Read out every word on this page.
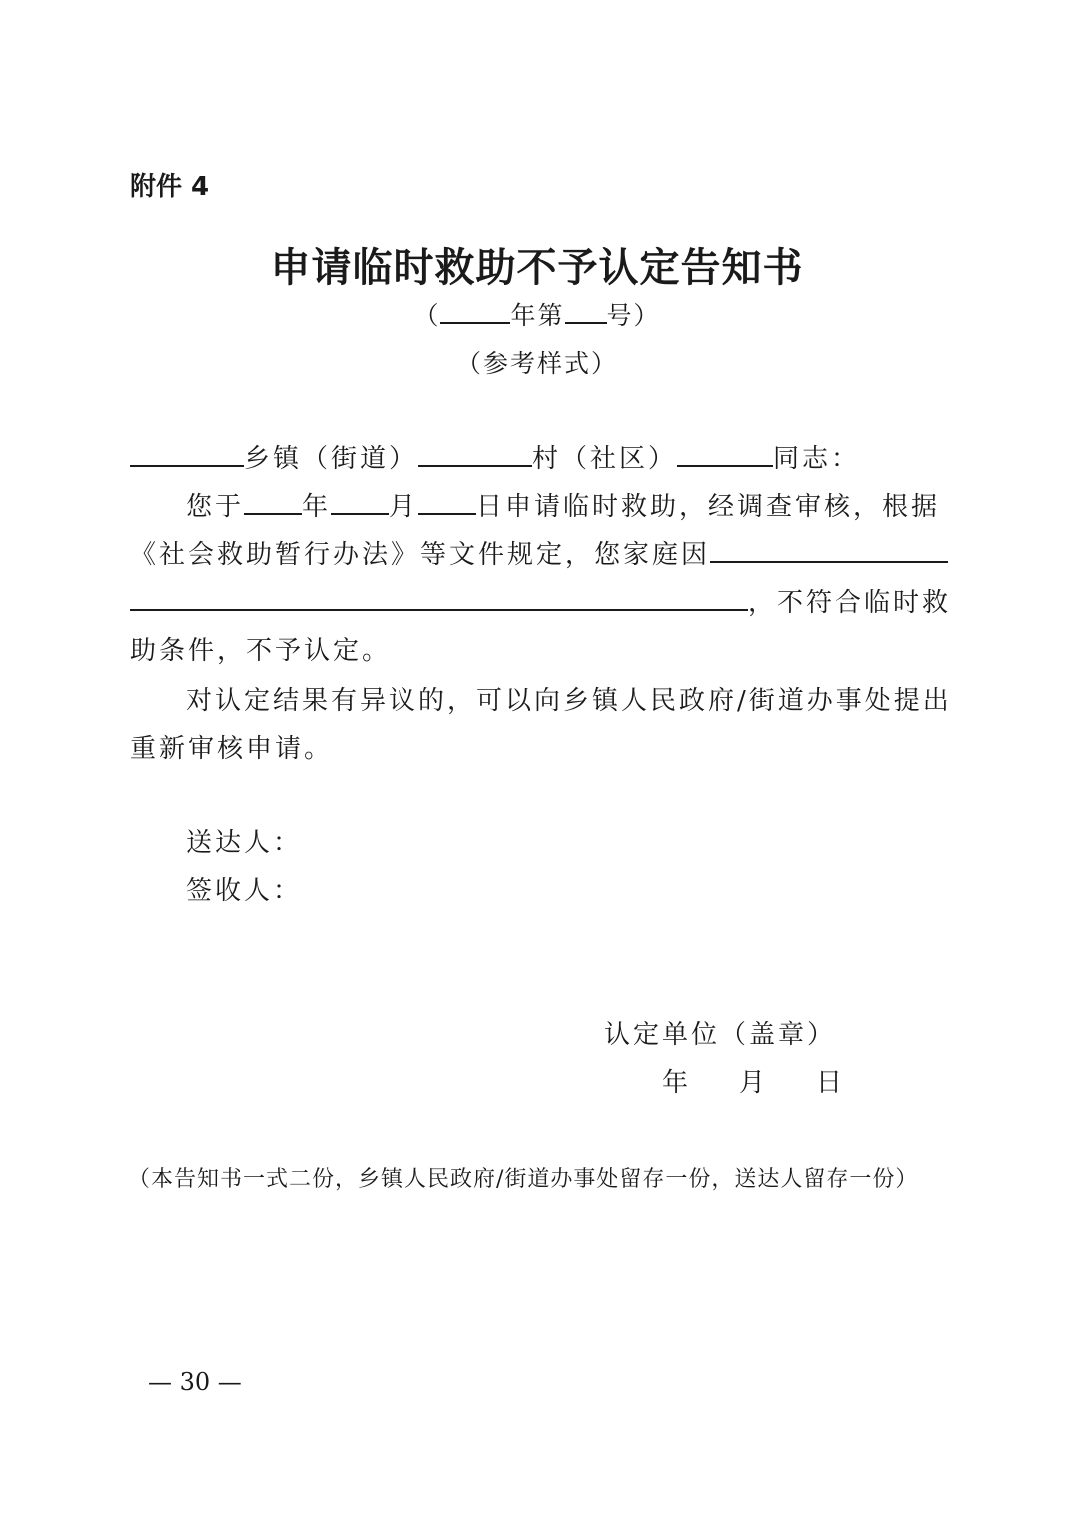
附件 4
申请临时救助不予认定告知书
（	年第 号）
（参考样式）
乡镇（街道）	村（社区）	同志：
您于 年 月 日申请临时救助，经调查审核，根据
《社会救助暂行办法》等文件规定，您家庭因
，不符合临时救
助条件，不予认定。
对认定结果有异议的，可以向乡镇人民政府/街道办事处提出
重新审核申请。
送达人：
签收人：
认定单位（盖章）
年 月 日
（本告知书一式二份，乡镇人民政府/街道办事处留存一份，送达人留存一份）
— 30 —
